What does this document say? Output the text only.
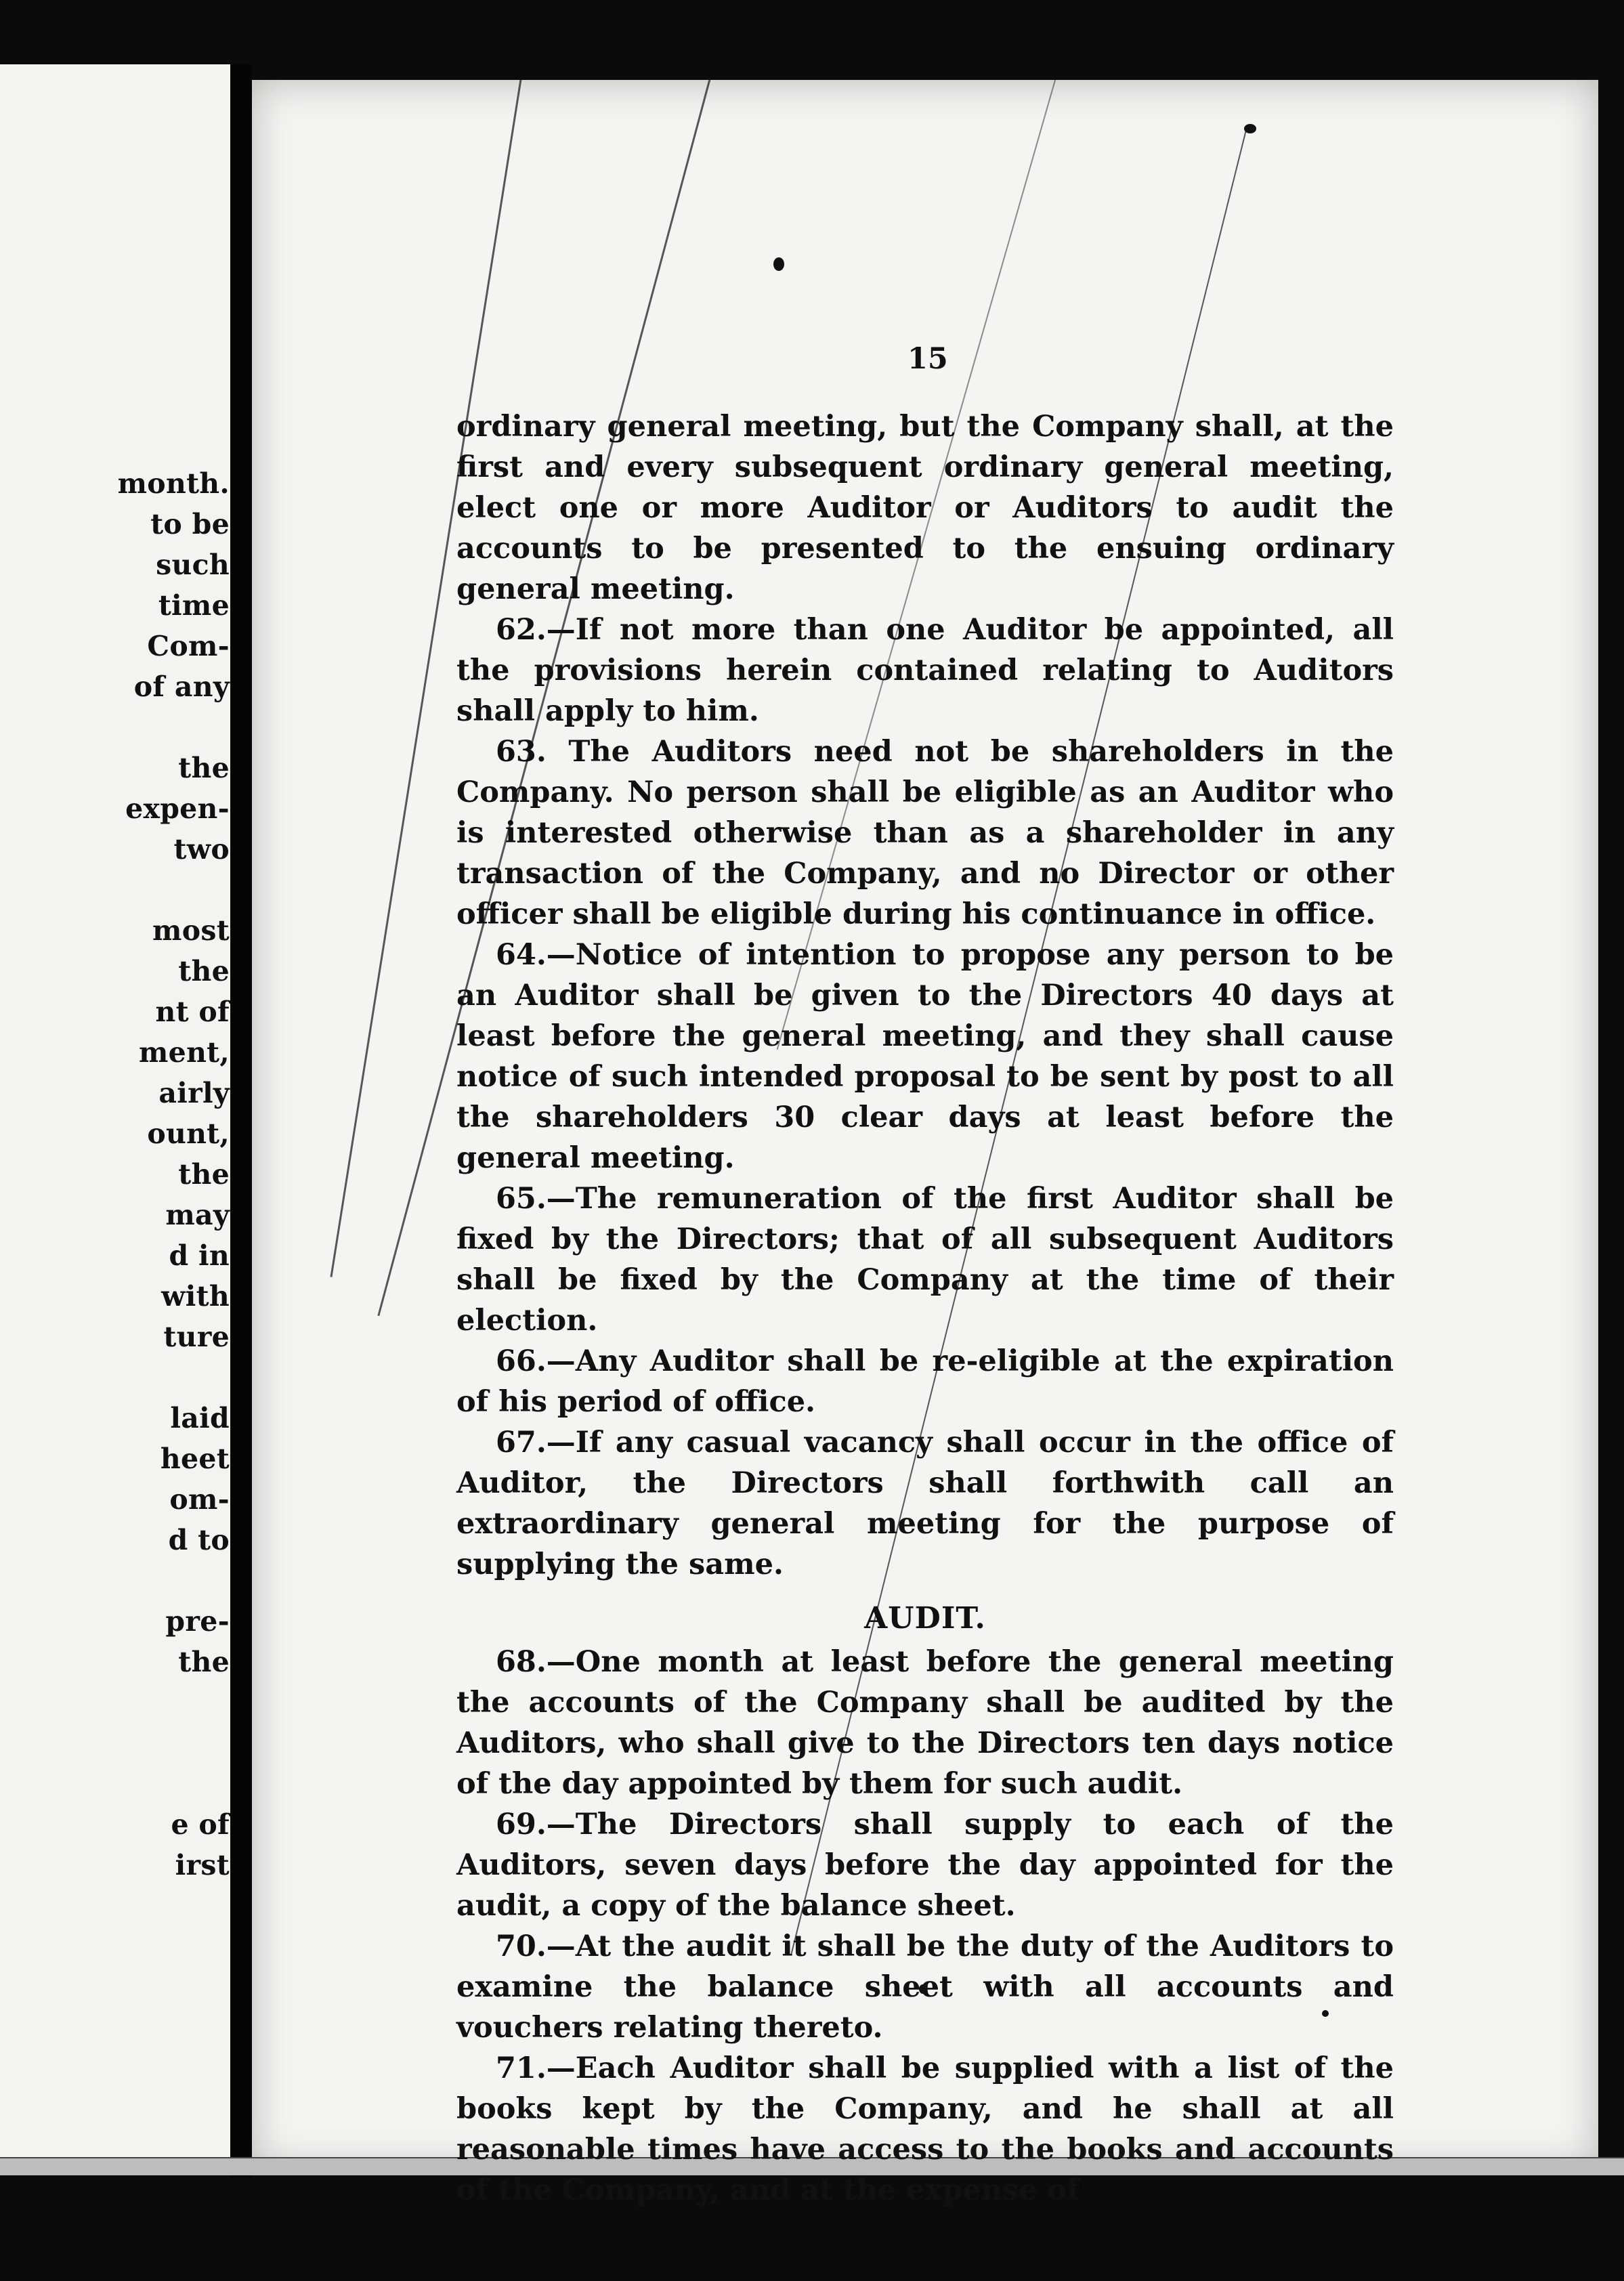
month.
to be
such
time
Com-
of any
the
expen-
two
most
the
nt of
ment,
airly
ount,
the
may
d in
with
ture
laid
heet
om-
d to
pre-
the
e of
irst
15

ordinary general meeting, but the Company shall, at the first and every subsequent ordinary general meeting, elect one or more Auditor or Auditors to audit the accounts to be presented to the ensuing ordinary general meeting.

62.—If not more than one Auditor be appointed, all the provisions herein contained relating to Auditors shall apply to him.

63. The Auditors need not be shareholders in the Company. No person shall be eligible as an Auditor who is interested otherwise than as a shareholder in any transaction of the Company, and no Director or other officer shall be eligible during his continuance in office.

64.—Notice of intention to propose any person to be an Auditor shall be given to the Directors 40 days at least before the general meeting, and they shall cause notice of such intended proposal to be sent by post to all the shareholders 30 clear days at least before the general meeting.

65.—The remuneration of the first Auditor shall be fixed by the Directors; that of all subsequent Auditors shall be fixed by the Company at the time of their election.

66.—Any Auditor shall be re-eligible at the expiration of his period of office.

67.—If any casual vacancy shall occur in the office of Auditor, the Directors shall forthwith call an extraordinary general meeting for the purpose of supplying the same.

AUDIT.

68.—One month at least before the general meeting the accounts of the Company shall be audited by the Auditors, who shall give to the Directors ten days notice of the day appointed by them for such audit.

69.—The Directors shall supply to each of the Auditors, seven days before the day appointed for the audit, a copy of the balance sheet.

70.—At the audit it shall be the duty of the Auditors to examine the balance sheet with all accounts and vouchers relating thereto.

71.—Each Auditor shall be supplied with a list of the books kept by the Company, and he shall at all reasonable times have access to the books and accounts of the Company, and at the expense of
